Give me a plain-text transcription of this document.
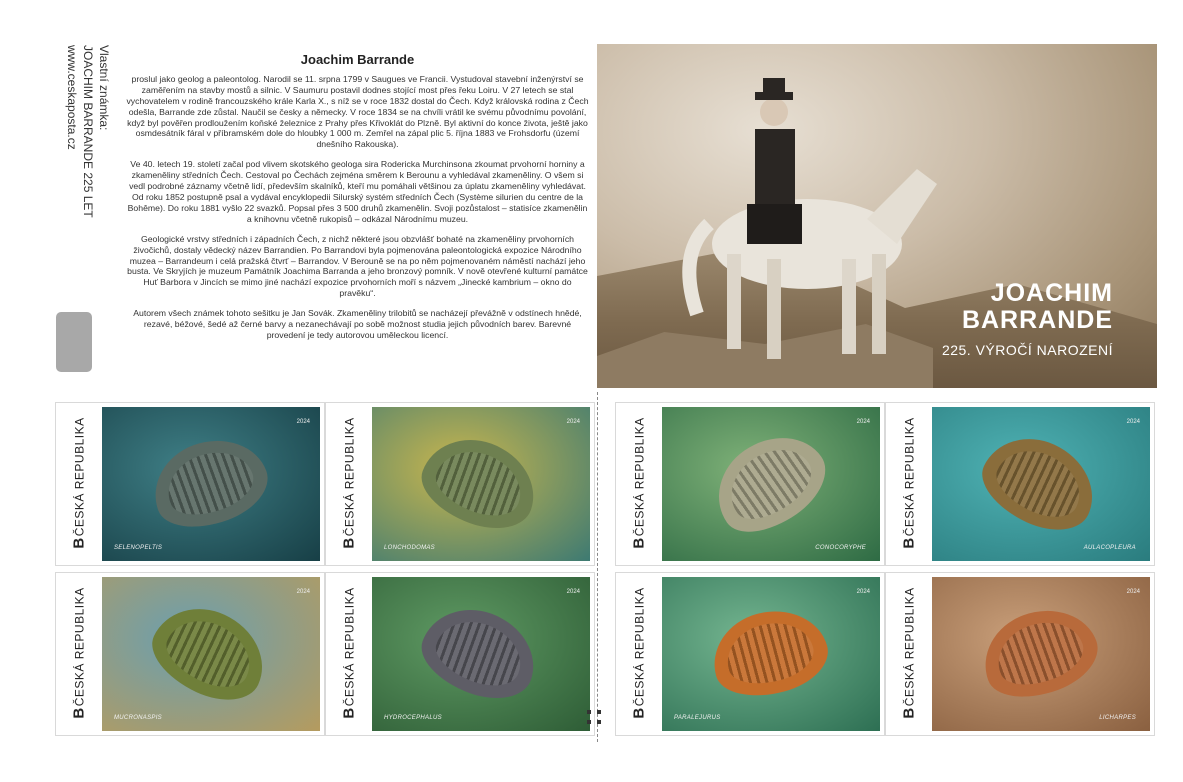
Vlastní známka:
JOACHIM BARRANDE 225 LET
www.ceskaposta.cz	Joachim Barrande

proslul jako geolog a paleontolog. Narodil se 11. srpna 1799 v Saugues ve Francii. Vystudoval stavební inženýrství se zaměřením na stavby mostů a silnic. V Saumuru postavil dodnes stojící most přes řeku Loiru. V 27 letech se stal vychovatelem v rodině francouzského krále Karla X., s níž se v roce 1832 dostal do Čech. Když královská rodina z Čech odešla, Barrande zde zůstal. Naučil se česky a německy. V roce 1834 se na chvíli vrátil ke svému původnímu povolání, když byl pověřen prodloužením koňské železnice z Prahy přes Křivoklát do Plzně. Byl aktivní do konce života, ještě jako osmdesátník fáral v příbramském dole do hloubky 1 000 m. Zemřel na zápal plic 5. října 1883 ve Frohsdorfu (území dnešního Rakouska).

Ve 40. letech 19. století začal pod vlivem skotského geologa sira Rodericka Murchinsona zkoumat prvohorní horniny a zkameněliny středních Čech. Cestoval po Čechách zejména směrem k Berounu a vyhledával zkameněliny. O všem si vedl podrobné záznamy včetně lidí, především skalníků, kteří mu pomáhali většinou za úplatu zkameněliny vyhledávat. Od roku 1852 postupně psal a vydával encyklopedii Silurský systém středních Čech (Système silurien du centre de la Bohême). Do roku 1881 vyšlo 22 svazků. Popsal přes 3 500 druhů zkamenělin. Svoji pozůstalost – statisíce zkamenělin a knihovnu včetně rukopisů – odkázal Národnímu muzeu.

Geologické vrstvy středních i západních Čech, z nichž některé jsou obzvlášť bohaté na zkameněliny prvohorních živočichů, dostaly vědecký název Barrandien. Po Barrandovi byla pojmenována paleontologická expozice Národního muzea – Barrandeum i celá pražská čtvrť – Barrandov. V Berouně se na po něm pojmenovaném náměstí nachází jeho busta. Ve Skryjích je muzeum Památník Joachima Barranda a jeho bronzový pomník. V nově otevřené kulturní památce Huť Barbora v Jincích se mimo jiné nachází expozice prvohorních moří s názvem „Jinecké kambrium – okno do pravěku“.

Autorem všech známek tohoto sešitku je Jan Sovák. Zkameněliny trilobitů se nacházejí převážně v odstínech hnědé, rezavé, béžové, šedé až černé barvy a nezanechávají po sobě možnost studia jejich původních barev. Barevné provedení je tedy autorovou uměleckou licencí.

JOACHIM
BARRANDE
225. VÝROČÍ NAROZENÍ
BČESKÁ REPUBLIKA	2024
SELENOPELTIS	BČESKÁ REPUBLIKA	2024
LONCHODOMAS	BČESKÁ REPUBLIKA	2024
CONOCORYPHE BČESKÁ REPUBLIKA	2024
AULACOPLEURA
BČESKÁ REPUBLIKA	2024
MUCRONASPIS	BČESKÁ REPUBLIKA	2024
HYDROCEPHALUS	BČESKÁ REPUBLIKA	2024
PARALEJURUS	BČESKÁ REPUBLIKA	2024
LICHARPES
